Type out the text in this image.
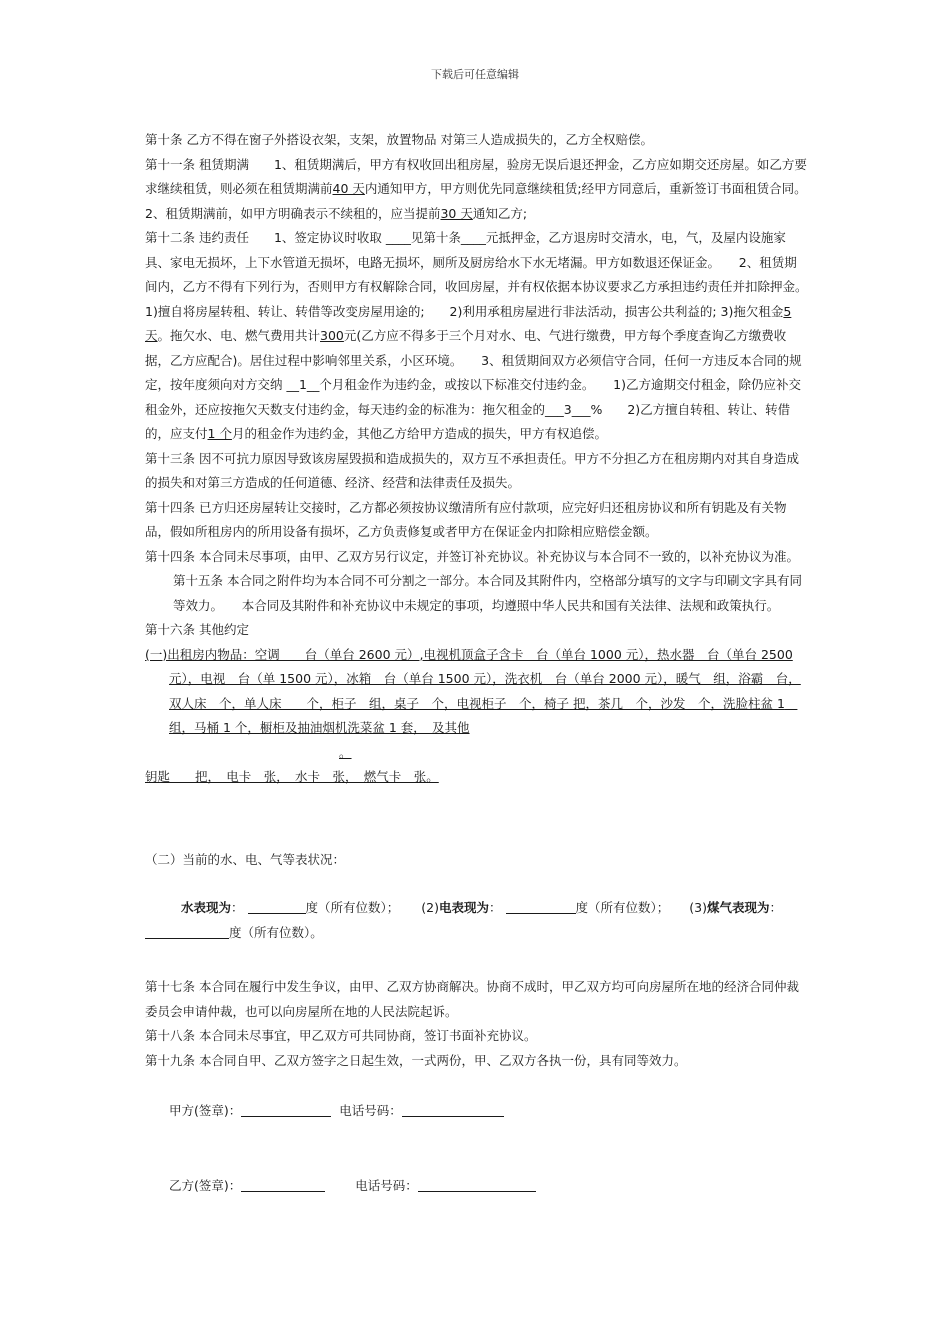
下载后可任意编辑

第十条 乙方不得在窗子外搭设衣架，支架，放置物品 对第三人造成损失的，乙方全权赔偿。

第十一条 租赁期满　　1、租赁期满后，甲方有权收回出租房屋，验房无误后退还押金，乙方应如期交还房屋。如乙方要求继续租赁，则必须在租赁期满前40 天内通知甲方，甲方则优先同意继续租赁;经甲方同意后，重新签订书面租赁合同。　　2、租赁期满前，如甲方明确表示不续租的，应当提前30 天通知乙方;

第十二条 违约责任　　1、签定协议时收取 ____见第十条____元抵押金，乙方退房时交清水，电，气，及屋内设施家具、家电无损坏，上下水管道无损坏，电路无损坏，厕所及厨房给水下水无堵漏。甲方如数退还保证金。　　2、租赁期间内，乙方不得有下列行为，否则甲方有权解除合同，收回房屋，并有权依据本协议要求乙方承担违约责任并扣除押金。　　1)擅自将房屋转租、转让、转借等改变房屋用途的;　　2)利用承租房屋进行非法活动，损害公共利益的; 3)拖欠租金5 天。拖欠水、电、燃气费用共计300元(乙方应不得多于三个月对水、电、气进行缴费，甲方每个季度查询乙方缴费收据，乙方应配合)。居住过程中影响邻里关系，小区环境。　　3、租赁期间双方必须信守合同，任何一方违反本合同的规定，按年度须向对方交纳 __1__个月租金作为违约金，或按以下标准交付违约金。　　1)乙方逾期交付租金，除仍应补交租金外，还应按拖欠天数支付违约金，每天违约金的标准为：拖欠租金的___3___%　　2)乙方擅自转租、转让、转借的，应支付1 个月的租金作为违约金，其他乙方给甲方造成的损失，甲方有权追偿。

第十三条 因不可抗力原因导致该房屋毁损和造成损失的，双方互不承担责任。甲方不分担乙方在租房期内对其自身造成的损失和对第三方造成的任何道德、经济、经营和法律责任及损失。

第十四条 已方归还房屋转让交接时，乙方都必须按协议缴清所有应付款项，应完好归还租房协议和所有钥匙及有关物品，假如所租房内的所用设备有损坏，乙方负责修复或者甲方在保证金内扣除相应赔偿金额。

第十四条 本合同未尽事项，由甲、乙双方另行议定，并签订补充协议。补充协议与本合同不一致的，以补充协议为准。

第十五条 本合同之附件均为本合同不可分割之一部分。本合同及其附件内，空格部分填写的文字与印刷文字具有同等效力。　　本合同及其附件和补充协议中未规定的事项，均遵照中华人民共和国有关法律、法规和政策执行。

第十六条 其他约定

(一)出租房内物品：空调　　台（单台 2600 元）,电视机顶盒子含卡　台（单台 1000 元），热水器　台（单台 2500 元），电视　台（单 1500 元），冰箱　台（单台 1500 元），洗衣机　台（单台 2000 元），暖气　组，浴霸　台，双人床　个，单人床　　个，柜子　组，桌子　个，电视柜子　个，椅子 把，茶几　个，沙发　个，洗脸柱盆 1　组，马桶 1 个，橱柜及抽油烟机洗菜盆 1 套，　及其他
。

钥匙　　把，　电卡　张，　水卡　张，　燃气卡　张。

（二）当前的水、电、气等表状况：

水表现为：	度（所有位数）； (2)电表现为：	度（所有位数）； (3)煤气表现为：

度（所有位数）。

第十七条 本合同在履行中发生争议，由甲、乙双方协商解决。协商不成时，甲乙双方均可向房屋所在地的经济合同仲裁委员会申请仲裁，也可以向房屋所在地的人民法院起诉。

第十八条 本合同未尽事宜，甲乙双方可共同协商，签订书面补充协议。

第十九条 本合同自甲、乙双方签字之日起生效，一式两份，甲、乙双方各执一份，具有同等效力。

甲方(签章)：	电话号码：

乙方(签章)：	电话号码：
